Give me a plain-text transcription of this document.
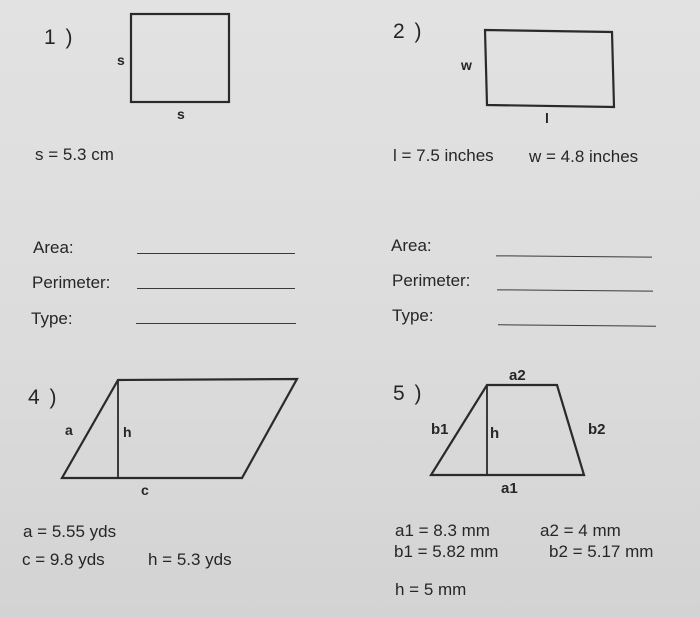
1 )
s
s
s = 5.3 cm
Area:
Perimeter:
Type:
2 )
w
l
l = 7.5 inches w = 4.8 inches
Area:
Perimeter:
Type:
4 )
a	h
c
a = 5.55 yds
c = 9.8 yds	h = 5.3 yds
5 )
a2
b1	h	b2
a1
a1 = 8.3 mm	a2 = 4 mm
b1 = 5.82 mm	b2 = 5.17 mm
h = 5 mm
